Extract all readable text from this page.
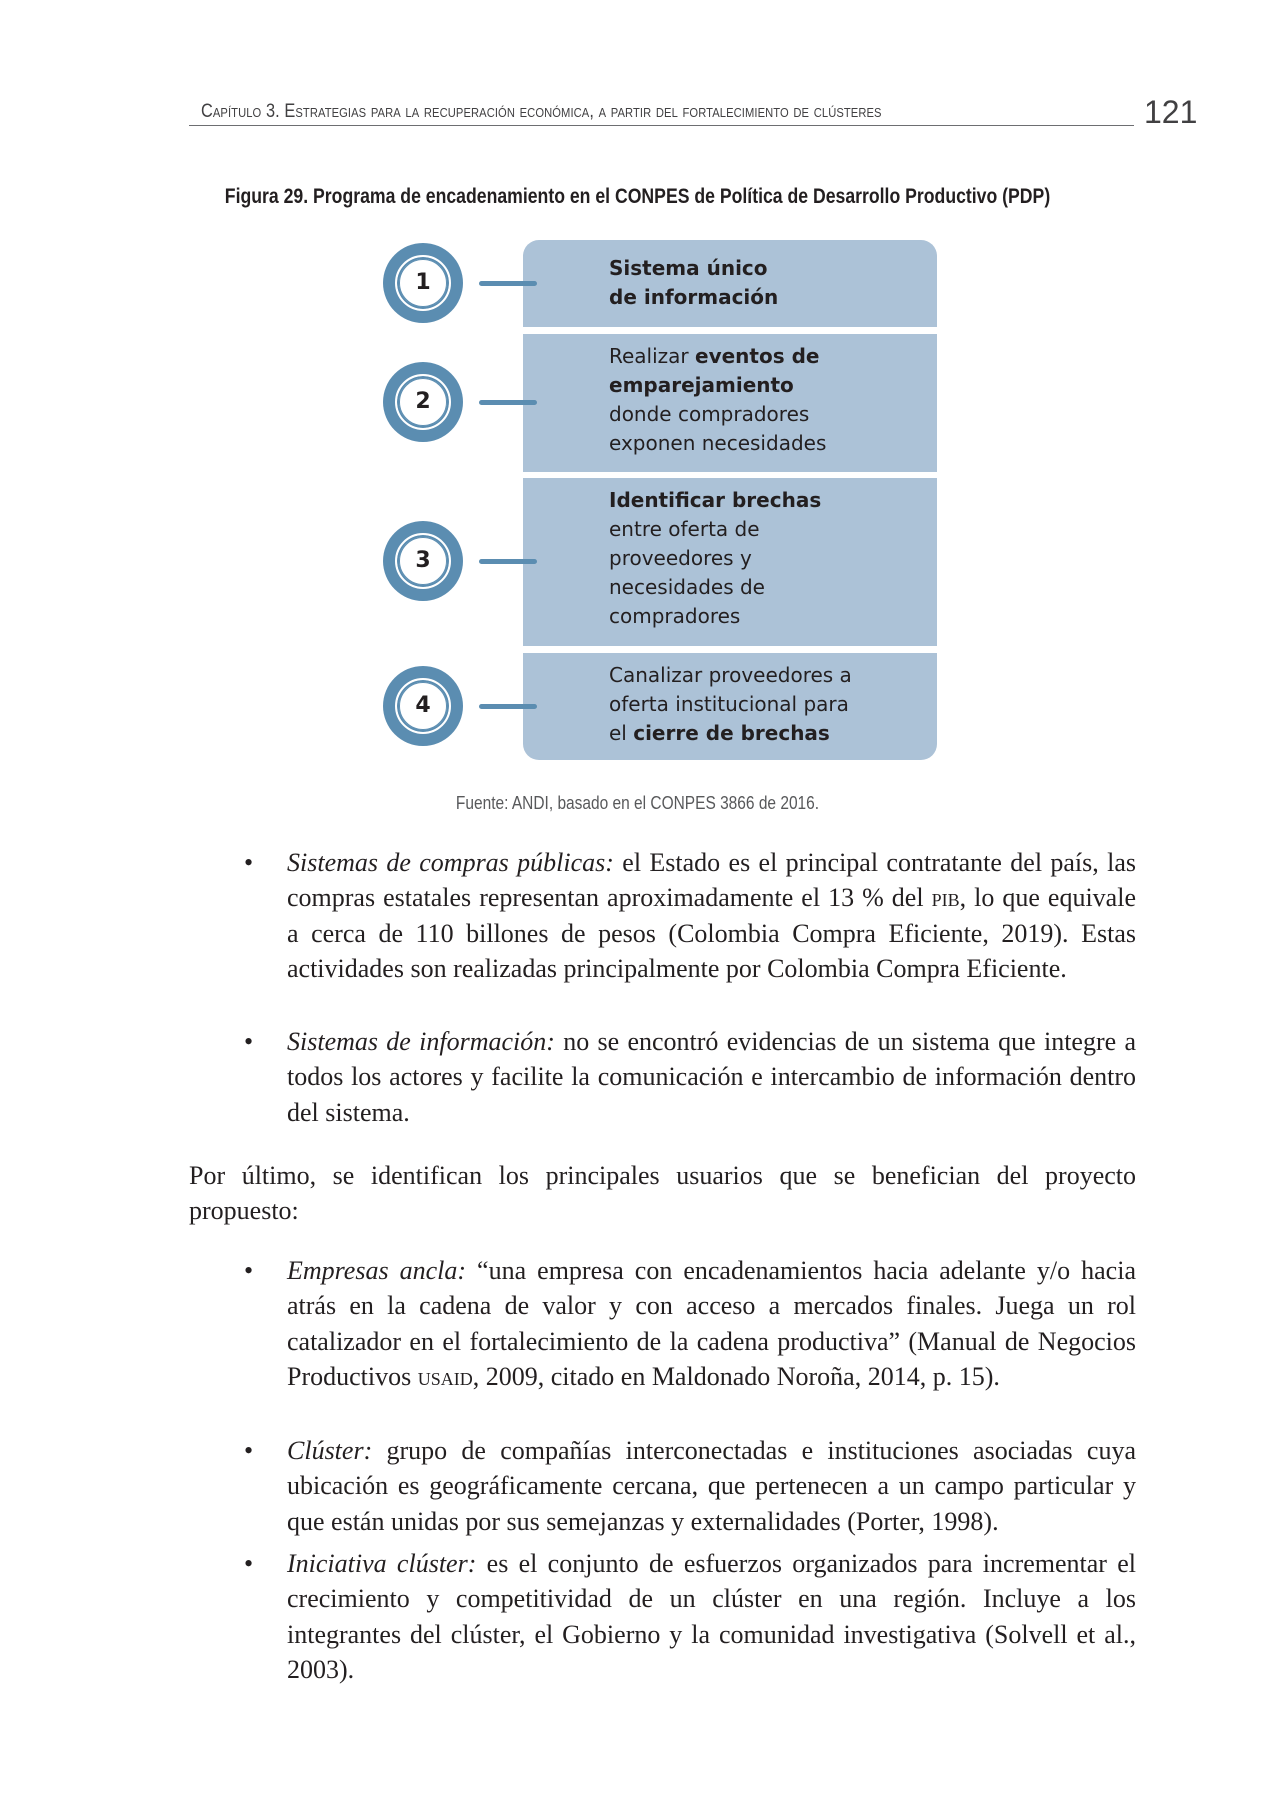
Capítulo 3. Estrategias para la recuperación económica, a partir del fortalecimiento de clústeres	121
Figura 29. Programa de encadenamiento en el CONPES de Política de Desarrollo Productivo (PDP)
Sistema único
de información
Realizar eventos de
emparejamiento
donde compradores
exponen necesidades
Identificar brechas
entre oferta de
proveedores y
necesidades de
compradores
Canalizar proveedores a
oferta institucional para
el cierre de brechas
1
2
3
4
Fuente: ANDI, basado en el CONPES 3866 de 2016.
• Sistemas de compras públicas: el Estado es el principal contratante del país, las compras estatales representan aproximadamente el 13 % del pib, lo que equivale a cerca de 110 billones de pesos (Colombia Compra Eficiente, 2019). Estas actividades son realizadas principalmente por Colombia Compra Eficiente.
• Sistemas de información: no se encontró evidencias de un sistema que integre a todos los actores y facilite la comunicación e intercambio de información dentro del sistema.
Por último, se identifican los principales usuarios que se benefician del proyecto propuesto:
• Empresas ancla: “una empresa con encadenamientos hacia adelante y/o hacia atrás en la cadena de valor y con acceso a mercados finales. Juega un rol catalizador en el fortalecimiento de la cadena productiva” (Manual de Negocios Productivos usaid, 2009, citado en Maldonado Noroña, 2014, p. 15).
• Clúster: grupo de compañías interconectadas e instituciones asociadas cuya ubicación es geográficamente cercana, que pertenecen a un campo particular y que están unidas por sus semejanzas y externalidades (Porter, 1998).
• Iniciativa clúster: es el conjunto de esfuerzos organizados para incrementar el crecimiento y competitividad de un clúster en una región. Incluye a los integrantes del clúster, el Gobierno y la comunidad investigativa (Solvell et al., 2003).
